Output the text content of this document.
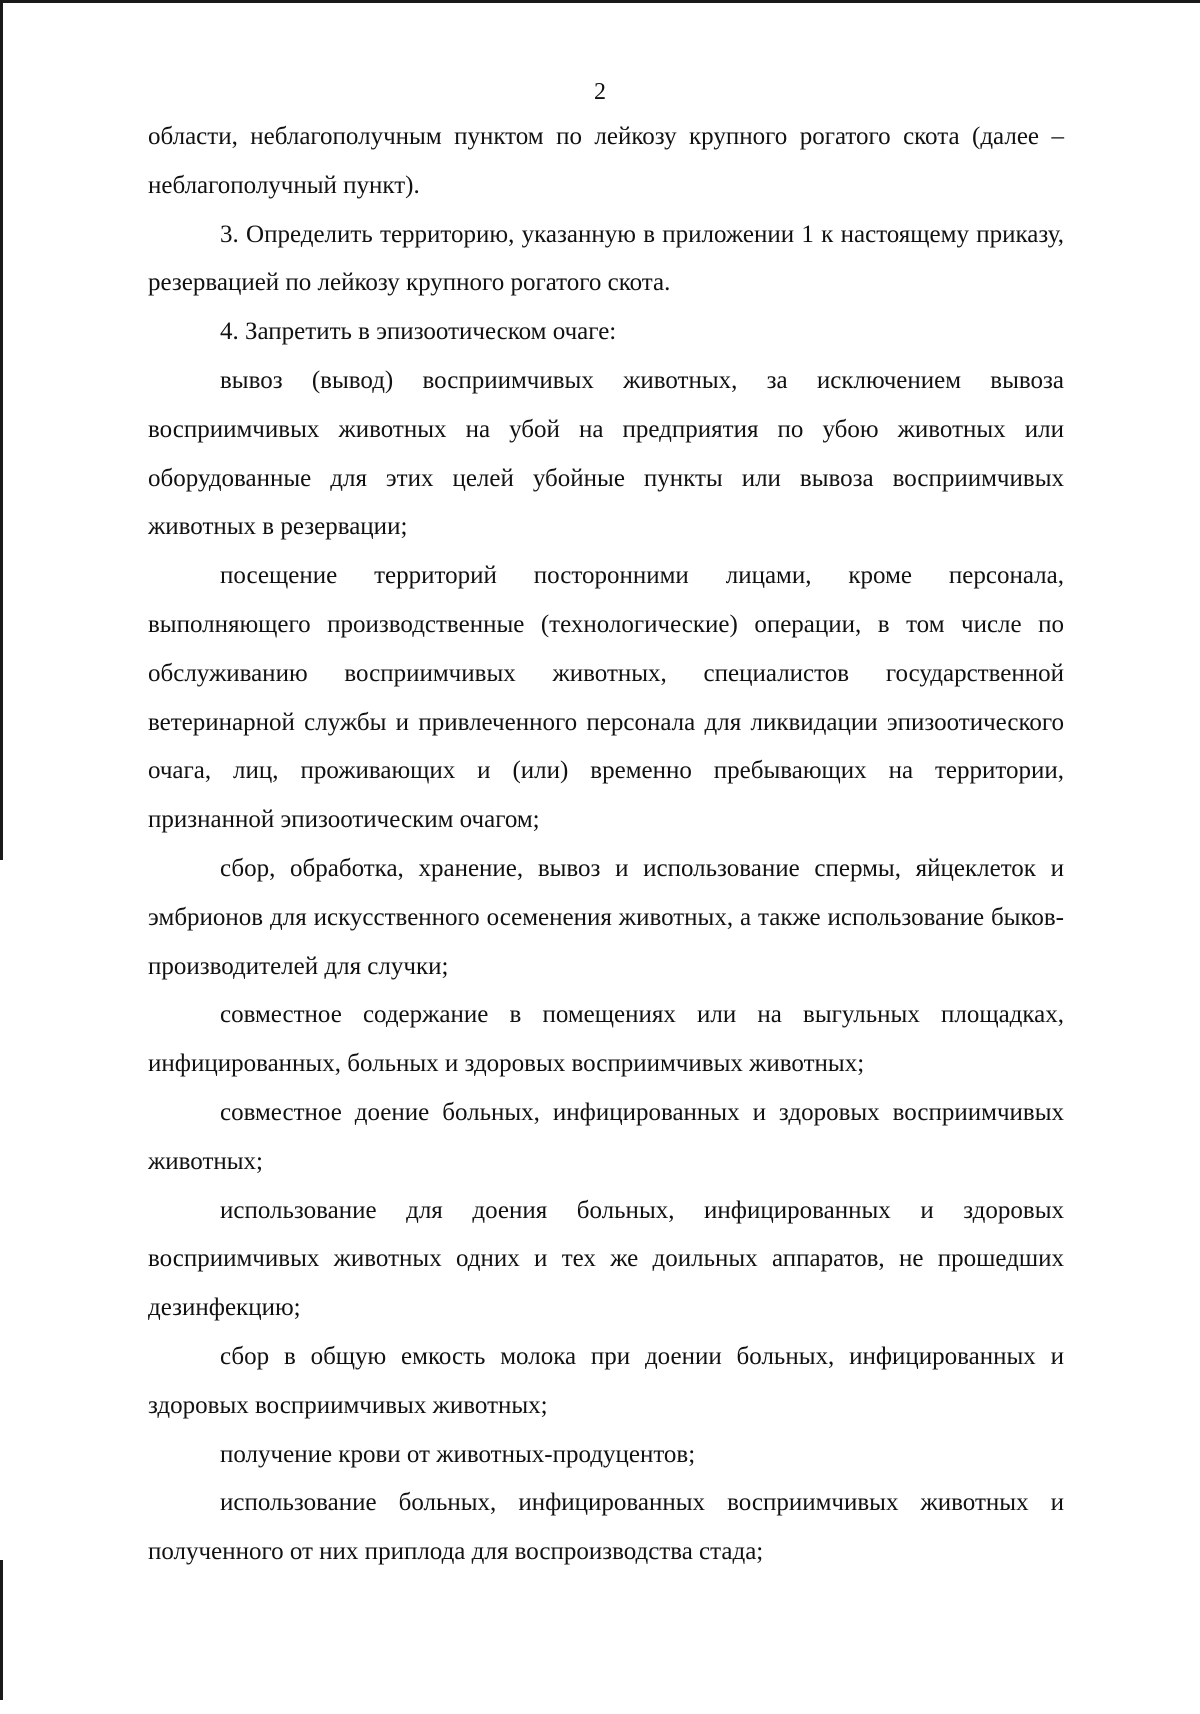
2

области, неблагополучным пунктом по лейкозу крупного рогатого скота (далее – неблагополучный пункт).

3. Определить территорию, указанную в приложении 1 к настоящему приказу, резервацией по лейкозу крупного рогатого скота.

4. Запретить в эпизоотическом очаге:

вывоз (вывод) восприимчивых животных, за исключением вывоза восприимчивых животных на убой на предприятия по убою животных или оборудованные для этих целей убойные пункты или вывоза восприимчивых животных в резервации;

посещение территорий посторонними лицами, кроме персонала, выполняющего производственные (технологические) операции, в том числе по обслуживанию восприимчивых животных, специалистов государственной ветеринарной службы и привлеченного персонала для ликвидации эпизоотического очага, лиц, проживающих и (или) временно пребывающих на территории, признанной эпизоотическим очагом;

сбор, обработка, хранение, вывоз и использование спермы, яйцеклеток и эмбрионов для искусственного осеменения животных, а также использование быков-производителей для случки;

совместное содержание в помещениях или на выгульных площадках, инфицированных, больных и здоровых восприимчивых животных;

совместное доение больных, инфицированных и здоровых восприимчивых животных;

использование для доения больных, инфицированных и здоровых восприимчивых животных одних и тех же доильных аппаратов, не прошедших дезинфекцию;

сбор в общую емкость молока при доении больных, инфицированных и здоровых восприимчивых животных;

получение крови от животных-продуцентов;

использование больных, инфицированных восприимчивых животных и полученного от них приплода для воспроизводства стада;
